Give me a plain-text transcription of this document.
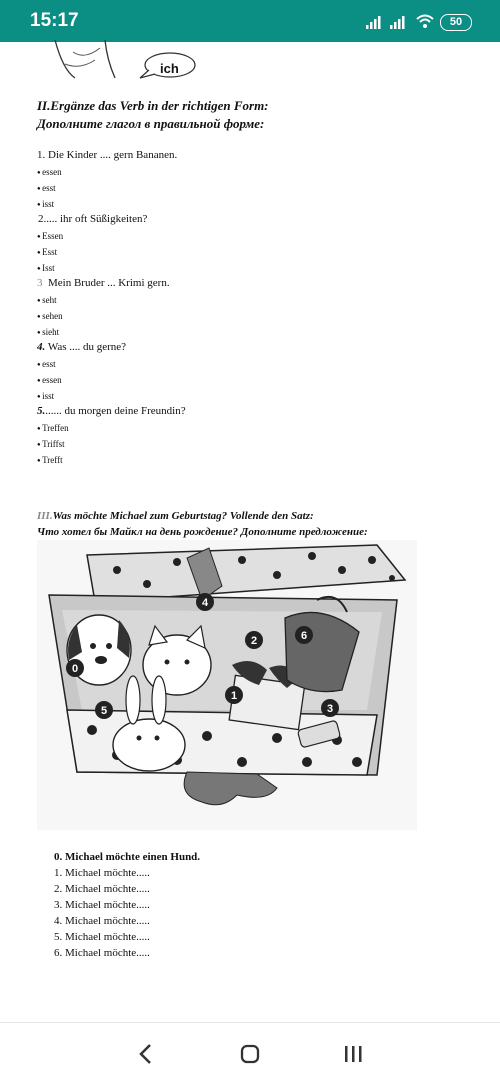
15:17	50
ich
II.Ergänze das Verb in der richtigen Form:
Дополните глагол в правильной форме:
1. Die Kinder .... gern Bananen.
● essen
● esst
● isst
2..... ihr oft Süßigkeiten?
● Essen
● Esst
● Isst
3 Mein Bruder ... Krimi gern.
● seht
● sehen
● sieht
4. Was .... du gerne?
● esst
● essen
● isst
5....... du morgen deine Freundin?
● Treffen
● Triffst
● Trefft
III.Was möchte Michael zum Geburtstag? Vollende den Satz:
Что хотел бы Майкл на день рождение? Дополните предложение:
0
1
2
3
4
5
6
0. Michael möchte einen Hund.
1. Michael möchte.....
2. Michael möchte.....
3. Michael möchte.....
4. Michael möchte.....
5. Michael möchte.....
6. Michael möchte.....
